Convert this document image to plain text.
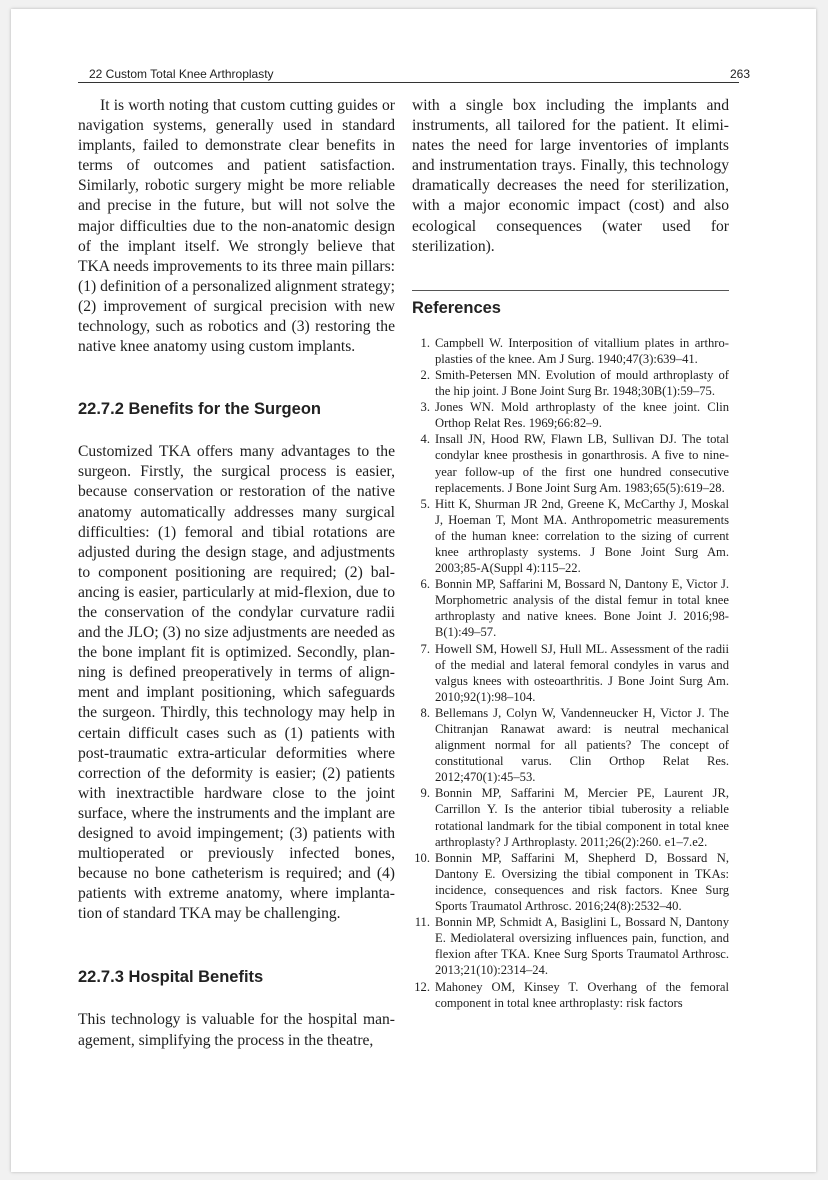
22 Custom Total Knee Arthroplasty	263

It is worth noting that custom cutting guides or navigation systems, generally used in standard implants, failed to demonstrate clear benefits in terms of outcomes and patient satisfaction. Similarly, robotic surgery might be more reliable and precise in the future, but will not solve the major difficulties due to the non-anatomic design of the implant itself. We strongly believe that TKA needs improvements to its three main pillars: (1) definition of a personalized alignment strategy; (2) improvement of surgical precision with new technology, such as robotics and (3) restoring the native knee anatomy using custom implants.

22.7.2 Benefits for the Surgeon

Customized TKA offers many advantages to the surgeon. Firstly, the surgical process is easier, because conservation or restoration of the native anatomy automatically addresses many surgical difficulties: (1) femoral and tibial rotations are adjusted during the design stage, and adjustments to component positioning are required; (2) balancing is easier, particularly at mid-flexion, due to the conservation of the condylar curvature radii and the JLO; (3) no size adjustments are needed as the bone implant fit is optimized. Secondly, planning is defined preoperatively in terms of alignment and implant positioning, which safeguards the surgeon. Thirdly, this technology may help in certain difficult cases such as (1) patients with post-traumatic extra-articular deformities where correction of the deformity is easier; (2) patients with inextractible hardware close to the joint surface, where the instruments and the implant are designed to avoid impingement; (3) patients with multioperated or previously infected bones, because no bone catheterism is required; and (4) patients with extreme anatomy, where implantation of standard TKA may be challenging.

22.7.3 Hospital Benefits

This technology is valuable for the hospital management, simplifying the process in the theatre,

with a single box including the implants and instruments, all tailored for the patient. It eliminates the need for large inventories of implants and instrumentation trays. Finally, this technology dramatically decreases the need for sterilization, with a major economic impact (cost) and also ecological consequences (water used for sterilization).

References
1. Campbell W. Interposition of vitallium plates in arthroplasties of the knee. Am J Surg. 1940;47(3):639–41.
2. Smith-Petersen MN. Evolution of mould arthroplasty of the hip joint. J Bone Joint Surg Br. 1948;30B(1):59–75.
3. Jones WN. Mold arthroplasty of the knee joint. Clin Orthop Relat Res. 1969;66:82–9.
4. Insall JN, Hood RW, Flawn LB, Sullivan DJ. The total condylar knee prosthesis in gonarthrosis. A five to nine-year follow-up of the first one hundred consecutive replacements. J Bone Joint Surg Am. 1983;65(5):619–28.
5. Hitt K, Shurman JR 2nd, Greene K, McCarthy J, Moskal J, Hoeman T, Mont MA. Anthropometric measurements of the human knee: correlation to the sizing of current knee arthroplasty systems. J Bone Joint Surg Am. 2003;85-A(Suppl 4):115–22.
6. Bonnin MP, Saffarini M, Bossard N, Dantony E, Victor J. Morphometric analysis of the distal femur in total knee arthroplasty and native knees. Bone Joint J. 2016;98-B(1):49–57.
7. Howell SM, Howell SJ, Hull ML. Assessment of the radii of the medial and lateral femoral condyles in varus and valgus knees with osteoarthritis. J Bone Joint Surg Am. 2010;92(1):98–104.
8. Bellemans J, Colyn W, Vandenneucker H, Victor J. The Chitranjan Ranawat award: is neutral mechanical alignment normal for all patients? The concept of constitutional varus. Clin Orthop Relat Res. 2012;470(1):45–53.
9. Bonnin MP, Saffarini M, Mercier PE, Laurent JR, Carrillon Y. Is the anterior tibial tuberosity a reliable rotational landmark for the tibial component in total knee arthroplasty? J Arthroplasty. 2011;26(2):260. e1–7.e2.
10. Bonnin MP, Saffarini M, Shepherd D, Bossard N, Dantony E. Oversizing the tibial component in TKAs: incidence, consequences and risk factors. Knee Surg Sports Traumatol Arthrosc. 2016;24(8):2532–40.
11. Bonnin MP, Schmidt A, Basiglini L, Bossard N, Dantony E. Mediolateral oversizing influences pain, function, and flexion after TKA. Knee Surg Sports Traumatol Arthrosc. 2013;21(10):2314–24.
12. Mahoney OM, Kinsey T. Overhang of the femoral component in total knee arthroplasty: risk factors
